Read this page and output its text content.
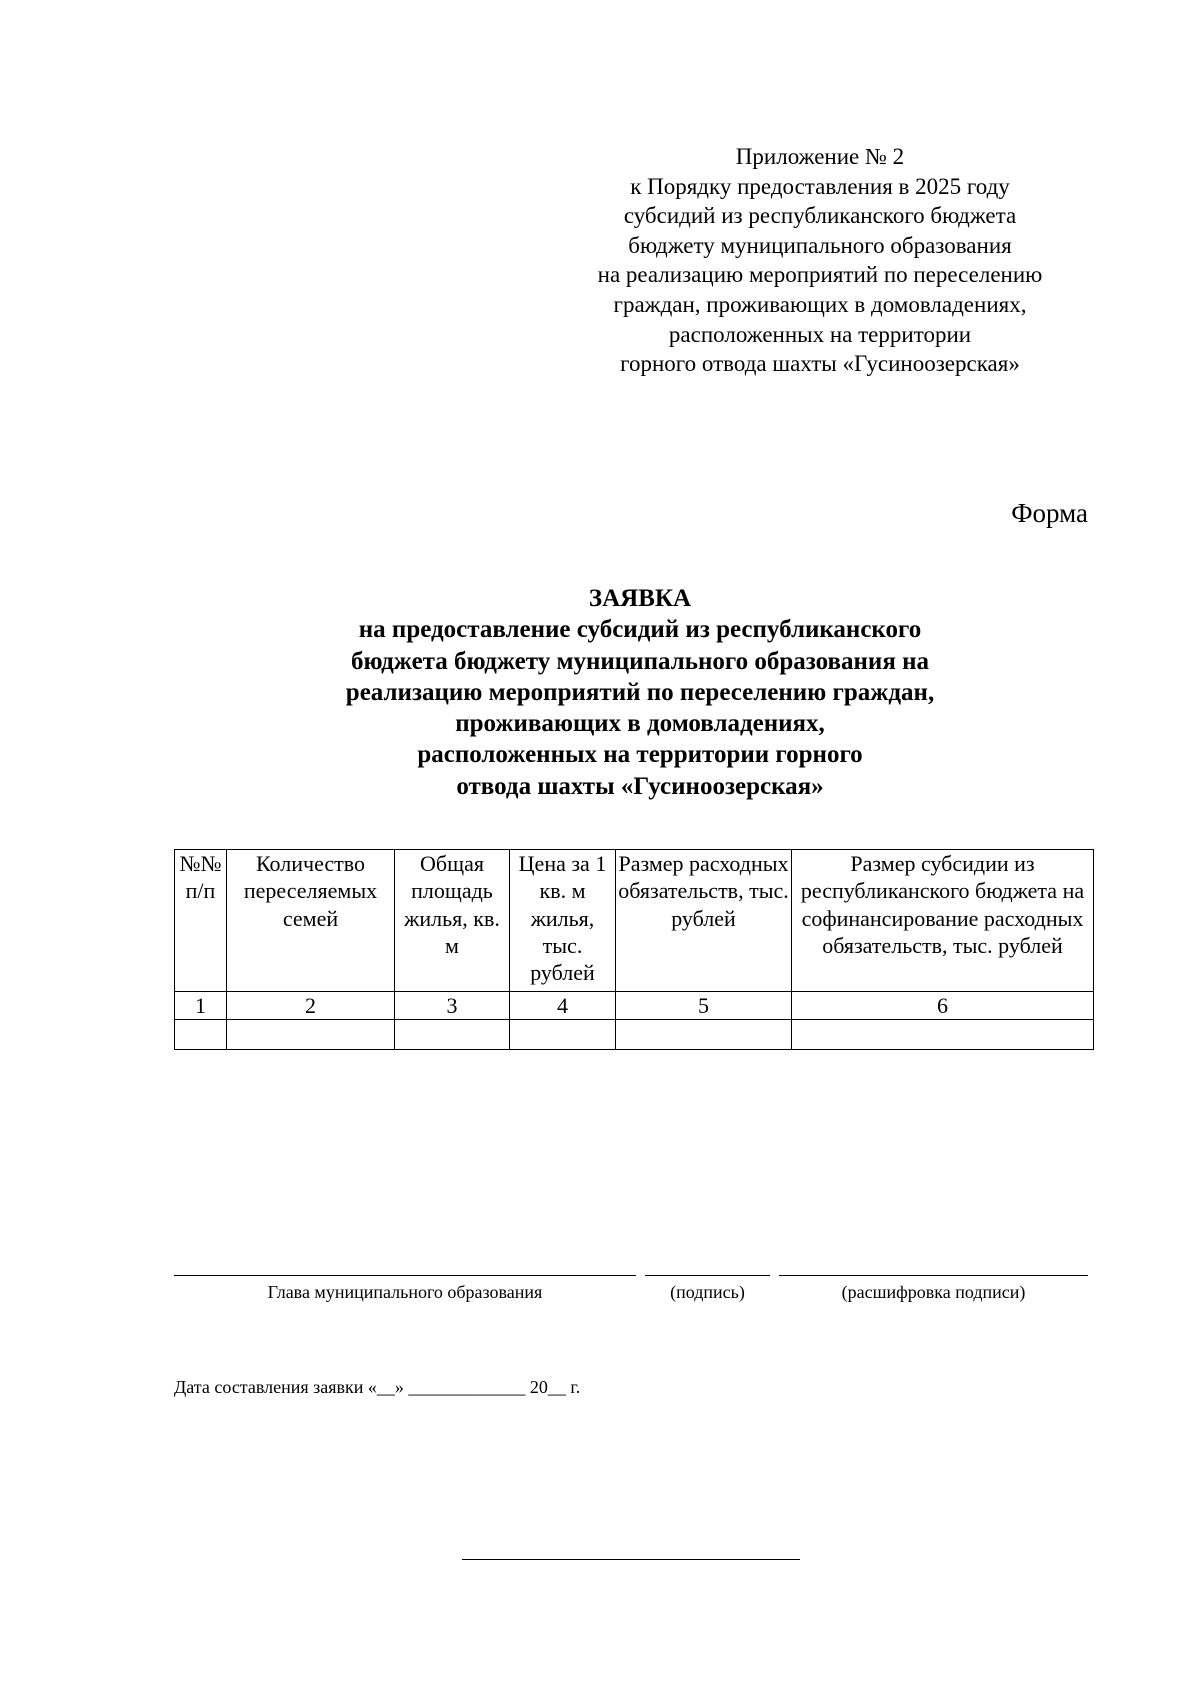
Приложение № 2
к Порядку предоставления в 2025 году
субсидий из республиканского бюджета
бюджету муниципального образования
на реализацию мероприятий по переселению
граждан, проживающих в домовладениях,
расположенных на территории
горного отвода шахты «Гусиноозерская»
Форма
ЗАЯВКА
на предоставление субсидий из республиканского
бюджета бюджету муниципального образования на
реализацию мероприятий по переселению граждан,
проживающих в домовладениях,
расположенных на территории горного
отвода шахты «Гусиноозерская»
№№ п/п	Количество переселяемых семей	Общая площадь жилья, кв. м	Цена за 1 кв. м жилья, тыс. рублей	Размер расходных обязательств, тыс. рублей	Размер субсидии из республиканского бюджета на софинансирование расходных обязательств, тыс. рублей
1	2	3	4	5	6

Глава муниципального образования	(подпись)	(расшифровка подписи)
Дата составления заявки «__» _____________ 20__ г.
